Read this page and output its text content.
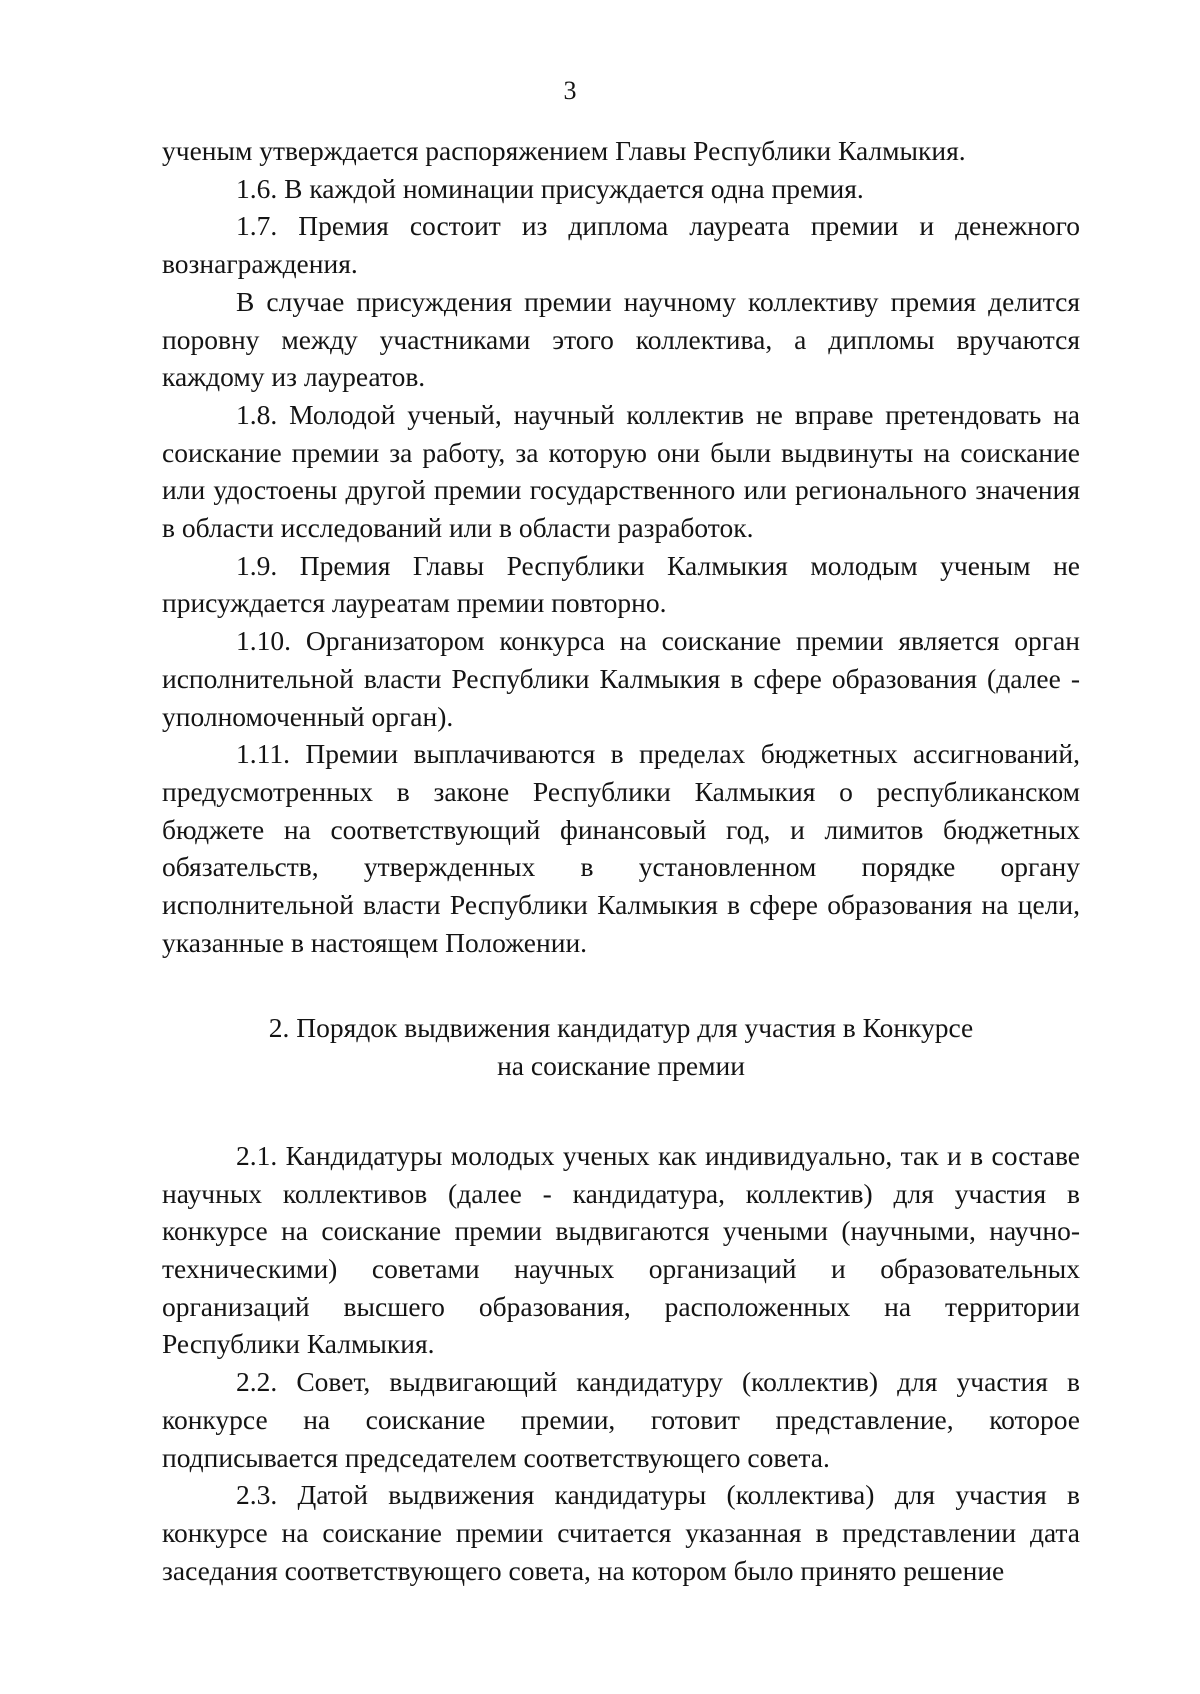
3

ученым утверждается распоряжением Главы Республики Калмыкия.

1.6. В каждой номинации присуждается одна премия.

1.7. Премия состоит из диплома лауреата премии и денежного вознаграждения.

В случае присуждения премии научному коллективу премия делится поровну между участниками этого коллектива, а дипломы вручаются каждому из лауреатов.

1.8. Молодой ученый, научный коллектив не вправе претендовать на соискание премии за работу, за которую они были выдвинуты на соискание или удостоены другой премии государственного или регионального значения в области исследований или в области разработок.

1.9. Премия Главы Республики Калмыкия молодым ученым не присуждается лауреатам премии повторно.

1.10. Организатором конкурса на соискание премии является орган исполнительной власти Республики Калмыкия в сфере образования (далее - уполномоченный орган).

1.11. Премии выплачиваются в пределах бюджетных ассигнований, предусмотренных в законе Республики Калмыкия о республиканском бюджете на соответствующий финансовый год, и лимитов бюджетных обязательств, утвержденных в установленном порядке органу исполнительной власти Республики Калмыкия в сфере образования на цели, указанные в настоящем Положении.

2. Порядок выдвижения кандидатур для участия в Конкурсе
на соискание премии

2.1. Кандидатуры молодых ученых как индивидуально, так и в составе научных коллективов (далее - кандидатура, коллектив) для участия в конкурсе на соискание премии выдвигаются учеными (научными, научно-техническими) советами научных организаций и образовательных организаций высшего образования, расположенных на территории Республики Калмыкия.

2.2. Совет, выдвигающий кандидатуру (коллектив) для участия в конкурсе на соискание премии, готовит представление, которое подписывается председателем соответствующего совета.

2.3. Датой выдвижения кандидатуры (коллектива) для участия в конкурсе на соискание премии считается указанная в представлении дата заседания соответствующего совета, на котором было принято решение
